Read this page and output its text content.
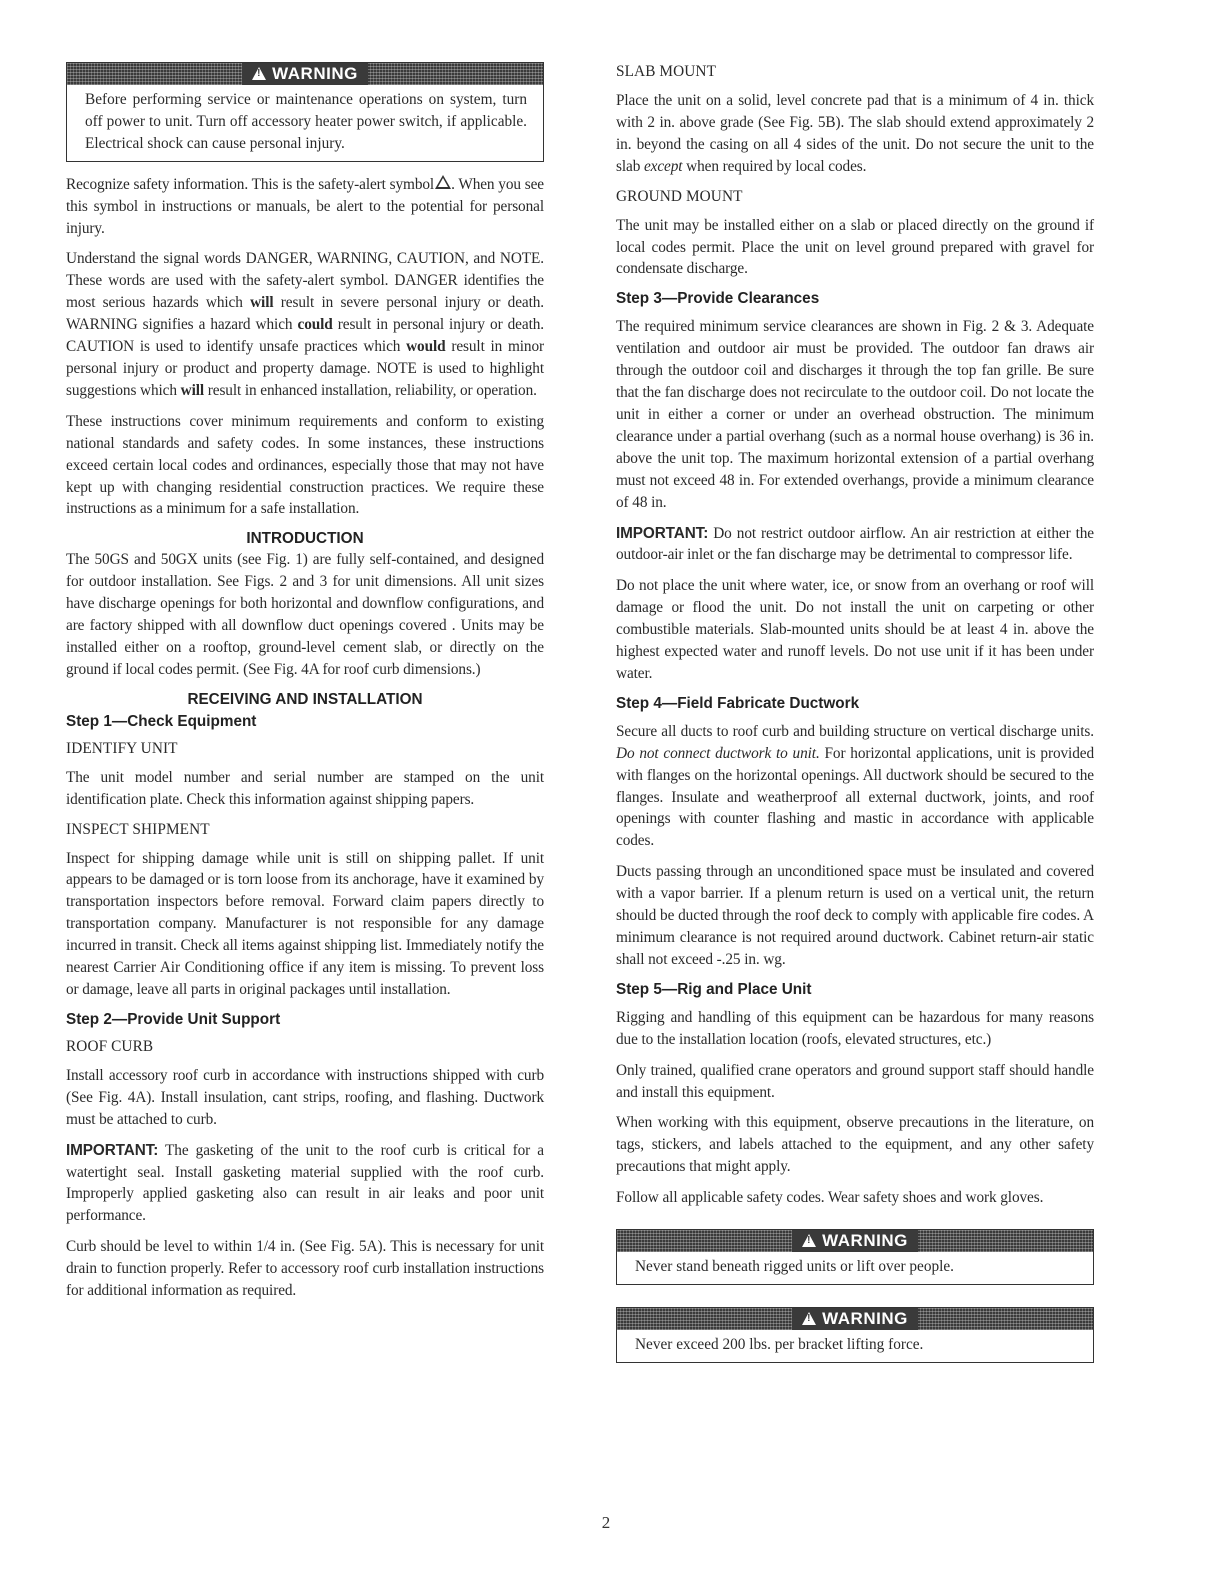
!WARNING
Before performing service or maintenance operations on system, turn off power to unit. Turn off accessory heater power switch, if applicable. Electrical shock can cause personal injury.

Recognize safety information. This is the safety-alert symbol . When you see this symbol in instructions or manuals, be alert to the potential for personal injury.

Understand the signal words DANGER, WARNING, CAUTION, and NOTE. These words are used with the safety-alert symbol. DANGER identifies the most serious hazards which will result in severe personal injury or death. WARNING signifies a hazard which could result in personal injury or death. CAUTION is used to identify unsafe practices which would result in minor personal injury or product and property damage. NOTE is used to highlight suggestions which will result in enhanced installation, reliability, or operation.

These instructions cover minimum requirements and conform to existing national standards and safety codes. In some instances, these instructions exceed certain local codes and ordinances, especially those that may not have kept up with changing residential construction practices. We require these instructions as a minimum for a safe installation.

INTRODUCTION

The 50GS and 50GX units (see Fig. 1) are fully self-contained, and designed for outdoor installation. See Figs. 2 and 3 for unit dimensions. All unit sizes have discharge openings for both horizontal and downflow configurations, and are factory shipped with all downflow duct openings covered . Units may be installed either on a rooftop, ground-level cement slab, or directly on the ground if local codes permit. (See Fig. 4A for roof curb dimensions.)

RECEIVING AND INSTALLATION
Step 1—Check Equipment
IDENTIFY UNIT

The unit model number and serial number are stamped on the unit identification plate. Check this information against shipping papers.

INSPECT SHIPMENT

Inspect for shipping damage while unit is still on shipping pallet. If unit appears to be damaged or is torn loose from its anchorage, have it examined by transportation inspectors before removal. Forward claim papers directly to transportation company. Manufacturer is not responsible for any damage incurred in transit. Check all items against shipping list. Immediately notify the nearest Carrier Air Conditioning office if any item is missing. To prevent loss or damage, leave all parts in original packages until installation.

Step 2—Provide Unit Support
ROOF CURB

Install accessory roof curb in accordance with instructions shipped with curb (See Fig. 4A). Install insulation, cant strips, roofing, and flashing. Ductwork must be attached to curb.

IMPORTANT: The gasketing of the unit to the roof curb is critical for a watertight seal. Install gasketing material supplied with the roof curb. Improperly applied gasketing also can result in air leaks and poor unit performance.

Curb should be level to within 1/4 in. (See Fig. 5A). This is necessary for unit drain to function properly. Refer to accessory roof curb installation instructions for additional information as required.

SLAB MOUNT

Place the unit on a solid, level concrete pad that is a minimum of 4 in. thick with 2 in. above grade (See Fig. 5B). The slab should extend approximately 2 in. beyond the casing on all 4 sides of the unit. Do not secure the unit to the slab except when required by local codes.

GROUND MOUNT

The unit may be installed either on a slab or placed directly on the ground if local codes permit. Place the unit on level ground prepared with gravel for condensate discharge.

Step 3—Provide Clearances

The required minimum service clearances are shown in Fig. 2 & 3. Adequate ventilation and outdoor air must be provided. The outdoor fan draws air through the outdoor coil and discharges it through the top fan grille. Be sure that the fan discharge does not recirculate to the outdoor coil. Do not locate the unit in either a corner or under an overhead obstruction. The minimum clearance under a partial overhang (such as a normal house overhang) is 36 in. above the unit top. The maximum horizontal extension of a partial overhang must not exceed 48 in. For extended overhangs, provide a minimum clearance of 48 in.

IMPORTANT: Do not restrict outdoor airflow. An air restriction at either the outdoor-air inlet or the fan discharge may be detrimental to compressor life.

Do not place the unit where water, ice, or snow from an overhang or roof will damage or flood the unit. Do not install the unit on carpeting or other combustible materials. Slab-mounted units should be at least 4 in. above the highest expected water and runoff levels. Do not use unit if it has been under water.

Step 4—Field Fabricate Ductwork

Secure all ducts to roof curb and building structure on vertical discharge units. Do not connect ductwork to unit. For horizontal applications, unit is provided with flanges on the horizontal openings. All ductwork should be secured to the flanges. Insulate and weatherproof all external ductwork, joints, and roof openings with counter flashing and mastic in accordance with applicable codes.

Ducts passing through an unconditioned space must be insulated and covered with a vapor barrier. If a plenum return is used on a vertical unit, the return should be ducted through the roof deck to comply with applicable fire codes. A minimum clearance is not required around ductwork. Cabinet return-air static shall not exceed -.25 in. wg.

Step 5—Rig and Place Unit

Rigging and handling of this equipment can be hazardous for many reasons due to the installation location (roofs, elevated structures, etc.)

Only trained, qualified crane operators and ground support staff should handle and install this equipment.

When working with this equipment, observe precautions in the literature, on tags, stickers, and labels attached to the equipment, and any other safety precautions that might apply.

Follow all applicable safety codes. Wear safety shoes and work gloves.

!WARNING
Never stand beneath rigged units or lift over people.
!WARNING
Never exceed 200 lbs. per bracket lifting force.
2
